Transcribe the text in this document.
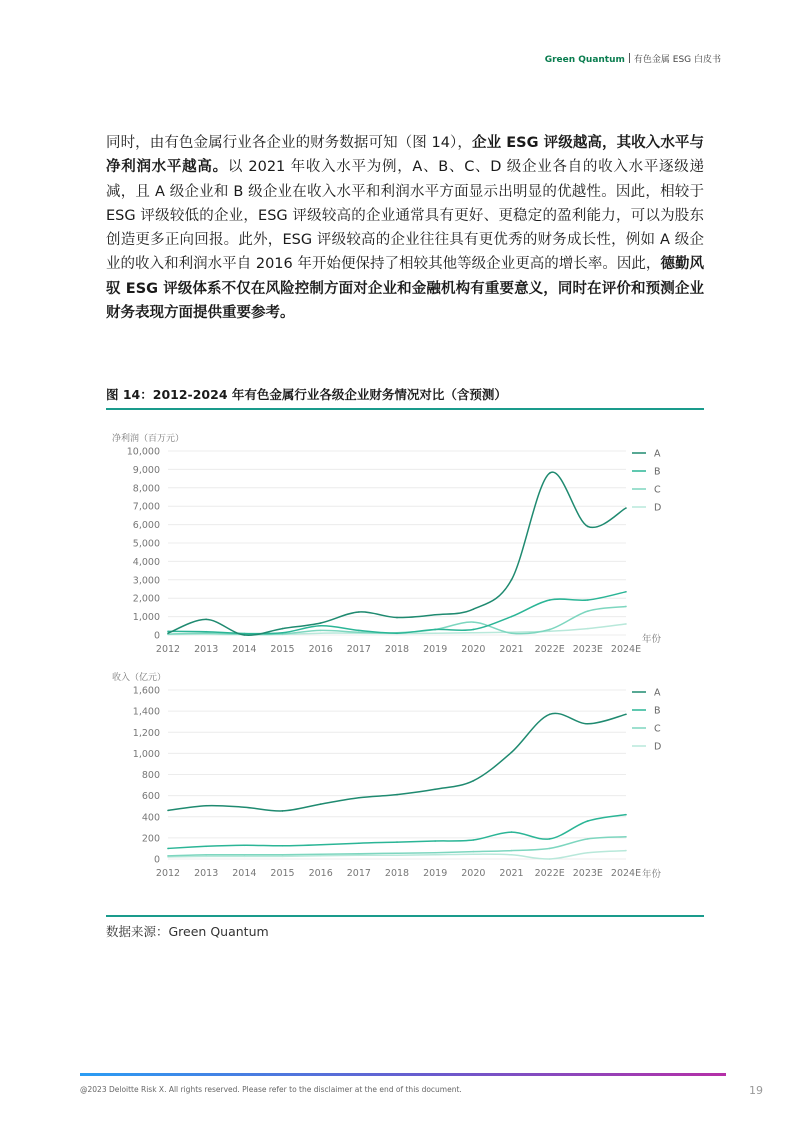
Green Quantum 有色金属 ESG 白皮书
同时，由有色金属行业各企业的财务数据可知（图 14），企业 ESG 评级越高，其收入水平与净利润水平越高。以 2021 年收入水平为例，A、B、C、D 级企业各自的收入水平逐级递减，且 A 级企业和 B 级企业在收入水平和利润水平方面显示出明显的优越性。因此，相较于 ESG 评级较低的企业，ESG 评级较高的企业通常具有更好、更稳定的盈利能力，可以为股东创造更多正向回报。此外，ESG 评级较高的企业往往具有更优秀的财务成长性，例如 A 级企业的收入和利润水平自 2016 年开始便保持了相较其他等级企业更高的增长率。因此，德勤风驭 ESG 评级体系不仅在风险控制方面对企业和金融机构有重要意义，同时在评价和预测企业财务表现方面提供重要参考。
图 14：2012-2024 年有色金属行业各级企业财务情况对比（含预测）
净利润（百万元）
0
1,000
2,000
3,000
4,000
5,000
6,000
7,000
8,000
9,000
10,000
2012 2013 2014 2015 2016 2017 2018 2019 2020 2021 2022E 2023E 2024E
年份
A
B
C
D
收入（亿元）
0
200
400
600
800
1,000
1,200
1,400
1,600
2012 2013 2014 2015 2016 2017 2018 2019 2020 2021 2022E 2023E 2024E 年份
A
B
C
D
数据来源：Green Quantum
@2023 Deloitte Risk X. All rights reserved. Please refer to the disclaimer at the end of this document.	19
